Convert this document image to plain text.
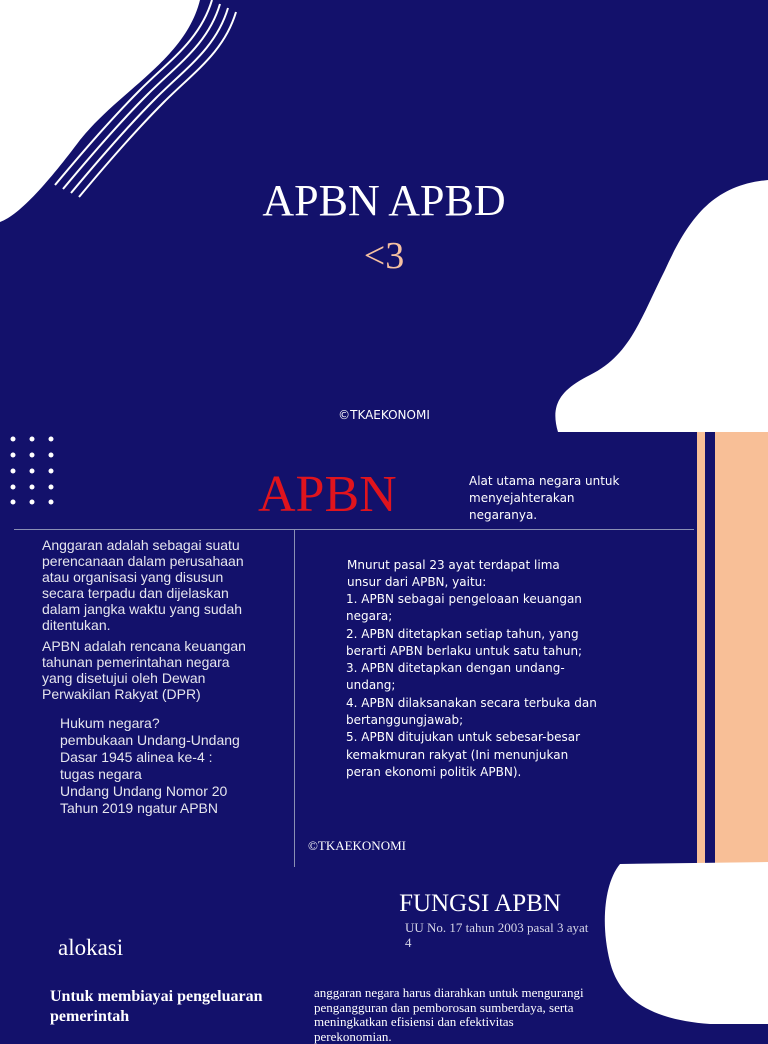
APBN APBD
<3
©TKAEKONOMI
APBN	Alat utama negara untuk menyejahterakan negaranya.
Anggaran adalah sebagai suatu perencanaan dalam perusahaan atau organisasi yang disusun secara terpadu dan dijelaskan dalam jangka waktu yang sudah ditentukan.
APBN adalah rencana keuangan tahunan pemerintahan negara yang disetujui oleh Dewan Perwakilan Rakyat (DPR)
Hukum negara?
pembukaan Undang-Undang Dasar 1945 alinea ke-4 : tugas negara
Undang Undang Nomor 20 Tahun 2019 ngatur APBN
Mnurut pasal 23 ayat terdapat lima unsur dari APBN, yaitu:
1. APBN sebagai pengeloaan keuangan negara;
2. APBN ditetapkan setiap tahun, yang berarti APBN berlaku untuk satu tahun;
3. APBN ditetapkan dengan undang-undang;
4. APBN dilaksanakan secara terbuka dan bertanggungjawab;
5. APBN ditujukan untuk sebesar-besar kemakmuran rakyat (Ini menunjukan peran ekonomi politik APBN).
©TKAEKONOMI
FUNGSI APBN
UU No. 17 tahun 2003 pasal 3 ayat 4
alokasi
Untuk membiayai pengeluaran pemerintah
anggaran negara harus diarahkan untuk mengurangi pengangguran dan pemborosan sumberdaya, serta meningkatkan efisiensi dan efektivitas perekonomian.
